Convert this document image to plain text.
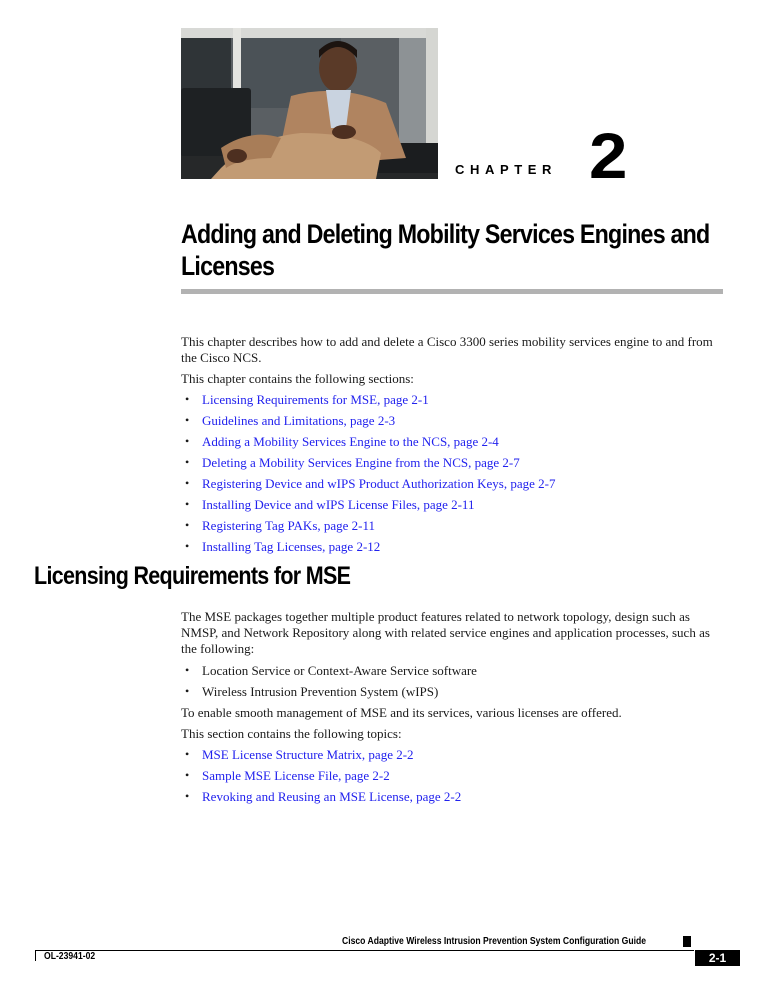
CHAPTER 2
Adding and Deleting Mobility Services Engines and Licenses

This chapter describes how to add and delete a Cisco 3300 series mobility services engine to and from the Cisco NCS.

This chapter contains the following sections:

• Licensing Requirements for MSE, page 2-1
• Guidelines and Limitations, page 2-3
• Adding a Mobility Services Engine to the NCS, page 2-4
• Deleting a Mobility Services Engine from the NCS, page 2-7
• Registering Device and wIPS Product Authorization Keys, page 2-7
• Installing Device and wIPS License Files, page 2-11
• Registering Tag PAKs, page 2-11
• Installing Tag Licenses, page 2-12
Licensing Requirements for MSE

The MSE packages together multiple product features related to network topology, design such as NMSP, and Network Repository along with related service engines and application processes, such as the following:

• Location Service or Context-Aware Service software
• Wireless Intrusion Prevention System (wIPS)

To enable smooth management of MSE and its services, various licenses are offered.

This section contains the following topics:

• MSE License Structure Matrix, page 2-2
• Sample MSE License File, page 2-2
• Revoking and Reusing an MSE License, page 2-2
Cisco Adaptive Wireless Intrusion Prevention System Configuration Guide
OL-23941-02	2-1
